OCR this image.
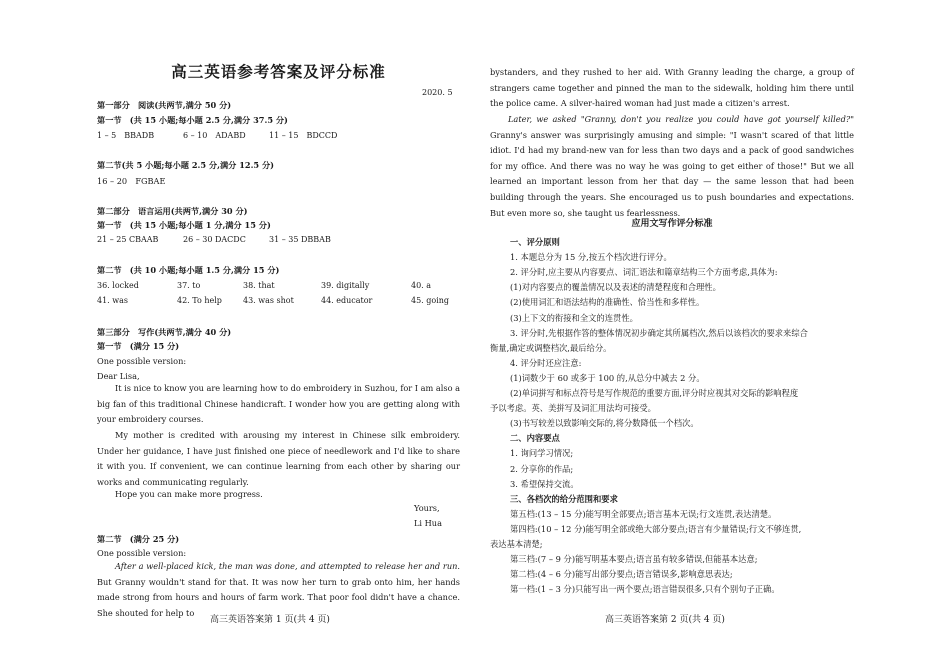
高三英语参考答案及评分标准
2020. 5
第一部分　阅读(共两节,满分 50 分)
第一节　(共 15 小题;每小题 2.5 分,满分 37.5 分)
1 – 5　BBADB	6 – 10　ADABD	11 – 15　BDCCD
第二节(共 5 小题;每小题 2.5 分,满分 12.5 分)
16 – 20　FGBAE
第二部分　语言运用(共两节,满分 30 分)
第一节　(共 15 小题;每小题 1 分,满分 15 分)
21 – 25 CBAAB	26 – 30 DACDC	31 – 35 DBBAB
第二节　(共 10 小题;每小题 1.5 分,满分 15 分)
36. locked	37. to	38. that	39. digitally	40. a
41. was	42. To help	43. was shot	44. educator	45. going
第三部分　写作(共两节,满分 40 分)
第一节　(满分 15 分)
One possible version:
Dear Lisa,
It is nice to know you are learning how to do embroidery in Suzhou, for I am also a big fan of this traditional Chinese handicraft. I wonder how you are getting along with your embroidery courses.
My mother is credited with arousing my interest in Chinese silk embroidery. Under her guidance, I have just finished one piece of needlework and I'd like to share it with you. If convenient, we can continue learning from each other by sharing our works and communicating regularly.
Hope you can make more progress.
Yours,
Li Hua
第二节　(满分 25 分)
One possible version:
After a well-placed kick, the man was done, and attempted to release her and run. But Granny wouldn't stand for that. It was now her turn to grab onto him, her hands made strong from hours and hours of farm work. That poor fool didn't have a chance. She shouted for help to
高三英语答案第 1 页(共 4 页)
bystanders, and they rushed to her aid. With Granny leading the charge, a group of strangers came together and pinned the man to the sidewalk, holding him there until the police came. A silver-haired woman had just made a citizen's arrest.
Later, we asked "Granny, don't you realize you could have got yourself killed?" Granny's answer was surprisingly amusing and simple: "I wasn't scared of that little idiot. I'd had my brand-new van for less than two days and a pack of good sandwiches for my office. And there was no way he was going to get either of those!" But we all learned an important lesson from her that day — the same lesson that had been building through the years. She encouraged us to push boundaries and expectations. But even more so, she taught us fearlessness.
应用文写作评分标准
一、评分原则
1. 本题总分为 15 分,按五个档次进行评分。
2. 评分时,应主要从内容要点、词汇语法和篇章结构三个方面考虑,具体为:
(1)对内容要点的覆盖情况以及表述的清楚程度和合理性。
(2)使用词汇和语法结构的准确性、恰当性和多样性。
(3)上下文的衔接和全文的连贯性。
3. 评分时,先根据作答的整体情况初步确定其所属档次,然后以该档次的要求来综合
衡量,确定或调整档次,最后给分。
4. 评分时还应注意:
(1)词数少于 60 或多于 100 的,从总分中减去 2 分。
(2)单词拼写和标点符号是写作规范的重要方面,评分时应视其对交际的影响程度
予以考虑。英、美拼写及词汇用法均可接受。
(3)书写较差以致影响交际的,将分数降低一个档次。
二、内容要点
1. 询问学习情况;
2. 分享你的作品;
3. 希望保持交流。
三、各档次的给分范围和要求
第五档:(13 – 15 分)能写明全部要点;语言基本无误;行文连贯,表达清楚。
第四档:(10 – 12 分)能写明全部或绝大部分要点;语言有少量错误;行文不够连贯,
表达基本清楚;
第三档:(7 – 9 分)能写明基本要点;语言虽有较多错误,但能基本达意;
第二档:(4 – 6 分)能写出部分要点;语言错误多,影响意思表达;
第一档:(1 – 3 分)只能写出一两个要点;语言错误很多,只有个别句子正确。
高三英语答案第 2 页(共 4 页)
